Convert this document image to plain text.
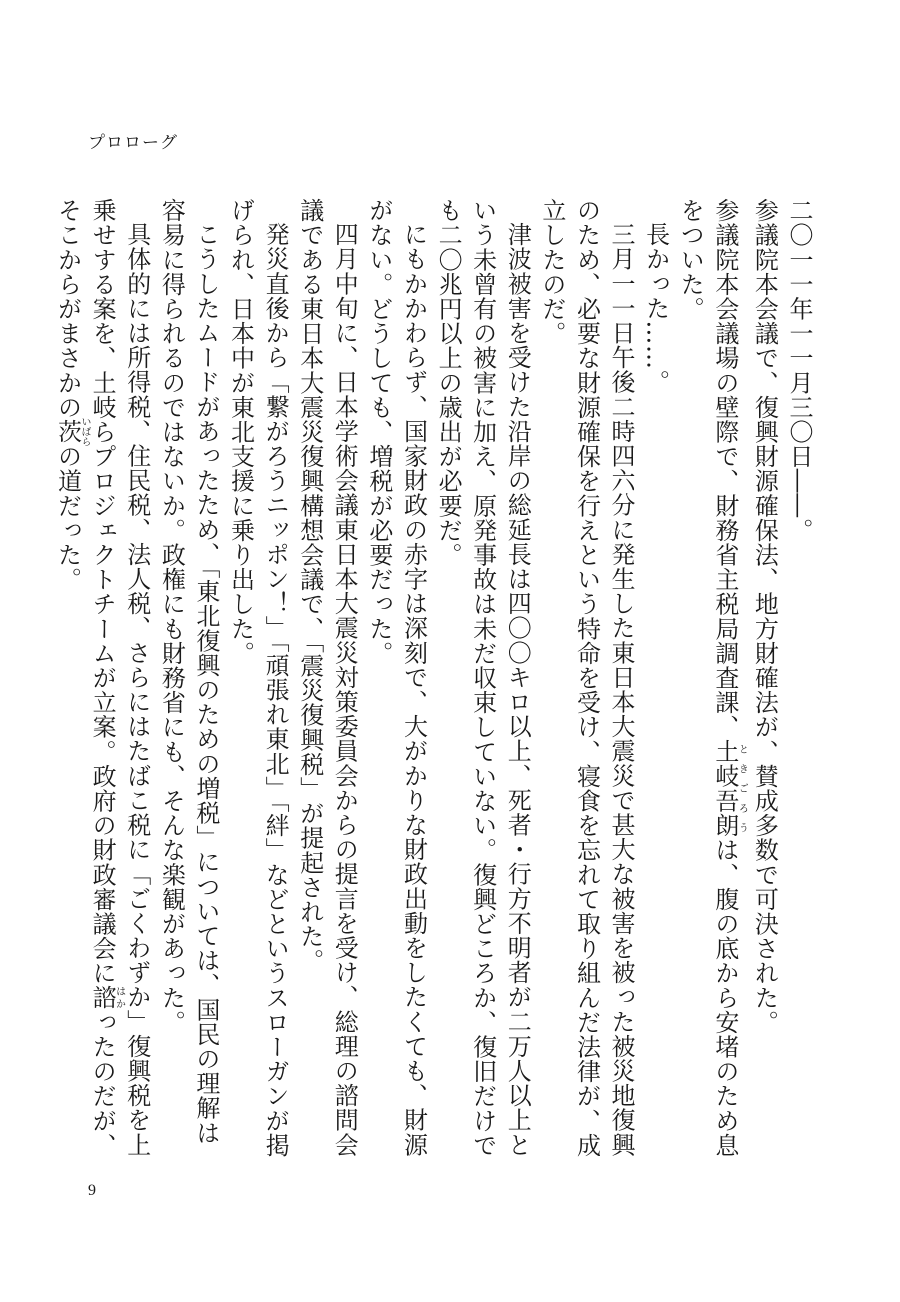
プロローグ

二〇一一年一一月三〇日――。

参議院本会議で、復興財源確保法、地方財確法が、賛成多数で可決された。

参議院本会議場の壁際で、財務省主税局調査課、土岐吾朗ときごろうは、腹の底から安堵のため息をついた。

長かった……。

三月一一日午後二時四六分に発生した東日本大震災で甚大な被害を被った被災地復興のため、必要な財源確保を行えという特命を受け、寝食を忘れて取り組んだ法律が、成立したのだ。

津波被害を受けた沿岸の総延長は四〇〇キロ以上、死者・行方不明者が二万人以上という未曾有の被害に加え、原発事故は未だ収束していない。復興どころか、復旧だけでも二〇兆円以上の歳出が必要だ。

にもかかわらず、国家財政の赤字は深刻で、大がかりな財政出動をしたくても、財源がない。どうしても、増税が必要だった。

四月中旬に、日本学術会議東日本大震災対策委員会からの提言を受け、総理の諮問会議である東日本大震災復興構想会議で、「震災復興税」が提起された。

発災直後から「繋がろうニッポン！」「頑張れ東北」「絆」などというスローガンが掲げられ、日本中が東北支援に乗り出した。

こうしたムードがあったため、「東北復興のための増税」については、国民の理解は容易に得られるのではないか。政権にも財務省にも、そんな楽観があった。

具体的には所得税、住民税、法人税、さらにはたばこ税に「ごくわずか」復興税を上乗せする案を、土岐らプロジェクトチームが立案。政府の財政審議会に諮はかったのだが、そこからがまさかの茨いばらの道だった。

9
